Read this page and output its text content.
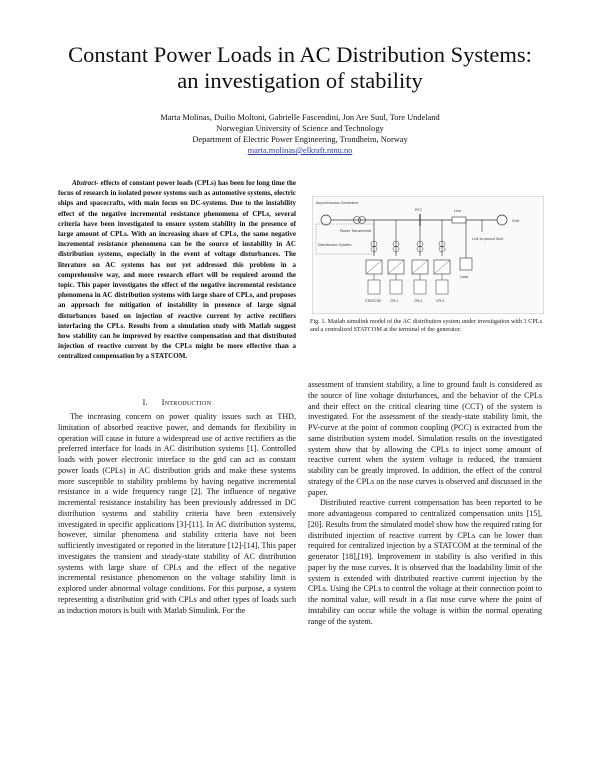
Constant Power Loads in AC Distribution Systems:
an investigation of stability
Marta Molinas, Duilio Moltoni, Gabrielle Fascendini, Jon Are Suul, Tore Undeland
Norwegian University of Science and Technology
Department of Electric Power Engineering, Trondheim, Norway
marta.molinas@elkraft.ntnu.no

Abstract- effects of constant power loads (CPLs) has been for long time the focus of research in isolated power systems such as automotive systems, electric ships and spacecrafts, with main focus on DC-systems. Due to the instability effect of the negative incremental resistance phenomena of CPLs, several criteria have been investigated to ensure system stability in the presence of large amount of CPLs. With an increasing share of CPLs, the same negative incremental resistance phenomena can be the source of instability in AC distribution systems, especially in the event of voltage disturbances. The literature on AC systems has not yet addressed this problem in a comprehensive way, and more research effort will be required around the topic. This paper investigates the effect of the negative incremental resistance phenomena in AC distribution systems with large share of CPLs, and proposes an approach for mitigation of instability in presence of large signal disturbances based on injection of reactive current by active rectifiers interfacing the CPLs. Results from a simulation study with Matlab suggest how stability can be improved by reactive compensation and that distributed injection of reactive current by the CPLs might be more effective than a centralized compensation by a STATCOM.

I. Introduction

The increasing concern on power quality issues such as THD, limitation of absorbed reactive power, and demands for flexibility in operation will cause in future a widespread use of active rectifiers as the preferred interface for loads in AC distribution systems [1]. Controlled loads with power electronic interface to the grid can act as constant power loads (CPLs) in AC distribution grids and make these systems more susceptible to stability problems by having negative incremental resistance in a wide frequency range [2]. The influence of negative incremental resistance instability has been previously addressed in DC distribution systems and stability criteria have been extensively investigated in specific applications [3]-[11]. In AC distribution systems, however, similar phenomena and stability criteria have not been sufficiently investigated or reported in the literature [12]-[14]. This paper investigates the transient and steady-state stability of AC distribution systems with large share of CPLs and the effect of the negative incremental resistance phenomenon on the voltage stability limit is explored under abnormal voltage conditions. For this purpose, a system representing a distribution grid with CPLs and other types of loads such as induction motors is built with Matlab Simulink. For the

Asynchronous Generator
Power Transformer
Distribution System
PCC	Line
Grid
Line to ground fault
STATCOM	CPL1	CPL2	CPL3
Load

Fig. 1. Matlab simulink model of the AC distribution system under investigation with 3 CPLs and a centralized STATCOM at the terminal of the generator.

assessment of transient stability, a line to ground fault is considered as the source of line voltage disturbances, and the behavior of the CPLs and their effect on the critical clearing time (CCT) of the system is investigated. For the assessment of the steady-state stability limit, the PV-curve at the point of common coupling (PCC) is extracted from the same distribution system model. Simulation results on the investigated system show that by allowing the CPLs to inject some amount of reactive current when the system voltage is reduced, the transient stability can be greatly improved. In addition, the effect of the control strategy of the CPLs on the nose curves is observed and discussed in the paper.

Distributed reactive current compensation has been reported to be more advantageous compared to centralized compensation units [15],[20]. Results from the simulated model show how the required rating for distributed injection of reactive current by CPLs can be lower than required for centralized injection by a STATCOM at the terminal of the generator [18],[19]. Improvement in stability is also verified in this paper by the nose curves. It is observed that the loadability limit of the system is extended with distributed reactive current injection by the CPLs. Using the CPLs to control the voltage at their connection point to the nominal value, will result in a flat nose curve where the point of instability can occur while the voltage is within the normal operating range of the system.
